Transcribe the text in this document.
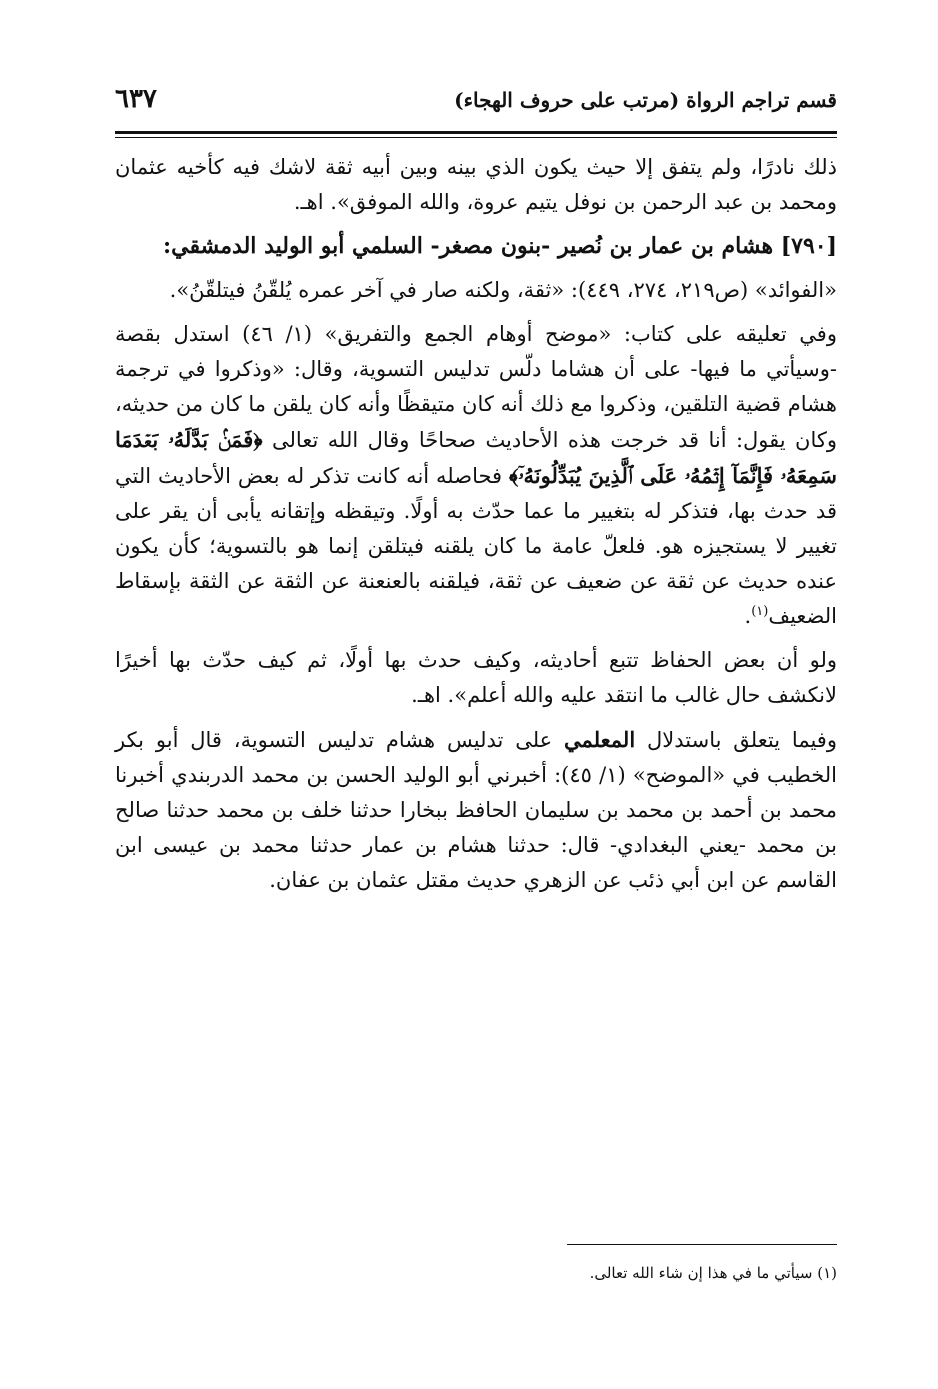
قسم تراجم الرواة (مرتب على حروف الهجاء)
٦٣٧

ذلك نادرًا، ولم يتفق إلا حيث يكون الذي بينه وبين أبيه ثقة لاشك فيه كأخيه عثمان ومحمد بن عبد الرحمن بن نوفل يتيم عروة، والله الموفق». اهـ.

[٧٩٠] هشام بن عمار بن نُصير -بنون مصغر- السلمي أبو الوليد الدمشقي:

«الفوائد» (ص٢١٩، ٢٧٤، ٤٤٩): «ثقة، ولكنه صار في آخر عمره يُلقّنُ فيتلقّنُ».

وفي تعليقه على كتاب: «موضح أوهام الجمع والتفريق» (١/ ٤٦) استدل بقصة -وسيأتي ما فيها- على أن هشاما دلّس تدليس التسوية، وقال: «وذكروا في ترجمة هشام قضية التلقين، وذكروا مع ذلك أنه كان متيقظًا وأنه كان يلقن ما كان من حديثه، وكان يقول: أنا قد خرجت هذه الأحاديث صحاحًا وقال الله تعالى ﴿فَمَنۢ بَدَّلَهُۥ بَعۡدَمَا سَمِعَهُۥ فَإِنَّمَآ إِثۡمُهُۥ عَلَى ٱلَّذِينَ يُبَدِّلُونَهُۥٓ﴾ فحاصله أنه كانت تذكر له بعض الأحاديث التي قد حدث بها، فتذكر له بتغيير ما عما حدّث به أولًا. وتيقظه وإتقانه يأبى أن يقر على تغيير لا يستجيزه هو. فلعلّ عامة ما كان يلقنه فيتلقن إنما هو بالتسوية؛ كأن يكون عنده حديث عن ثقة عن ضعيف عن ثقة، فيلقنه بالعنعنة عن الثقة عن الثقة بإسقاط الضعيف$^{(١)}$.

ولو أن بعض الحفاظ تتبع أحاديثه، وكيف حدث بها أولًا، ثم كيف حدّث بها أخيرًا لانكشف حال غالب ما انتقد عليه والله أعلم». اهـ.

وفيما يتعلق باستدلال المعلمي على تدليس هشام تدليس التسوية، قال أبو بكر الخطيب في «الموضح» (١/ ٤٥): أخبرني أبو الوليد الحسن بن محمد الدربندي أخبرنا محمد بن أحمد بن محمد بن سليمان الحافظ ببخارا حدثنا خلف بن محمد حدثنا صالح بن محمد -يعني البغدادي- قال: حدثنا هشام بن عمار حدثنا محمد بن عيسى ابن القاسم عن ابن أبي ذئب عن الزهري حديث مقتل عثمان بن عفان.

(١) سيأتي ما في هذا إن شاء الله تعالى.
